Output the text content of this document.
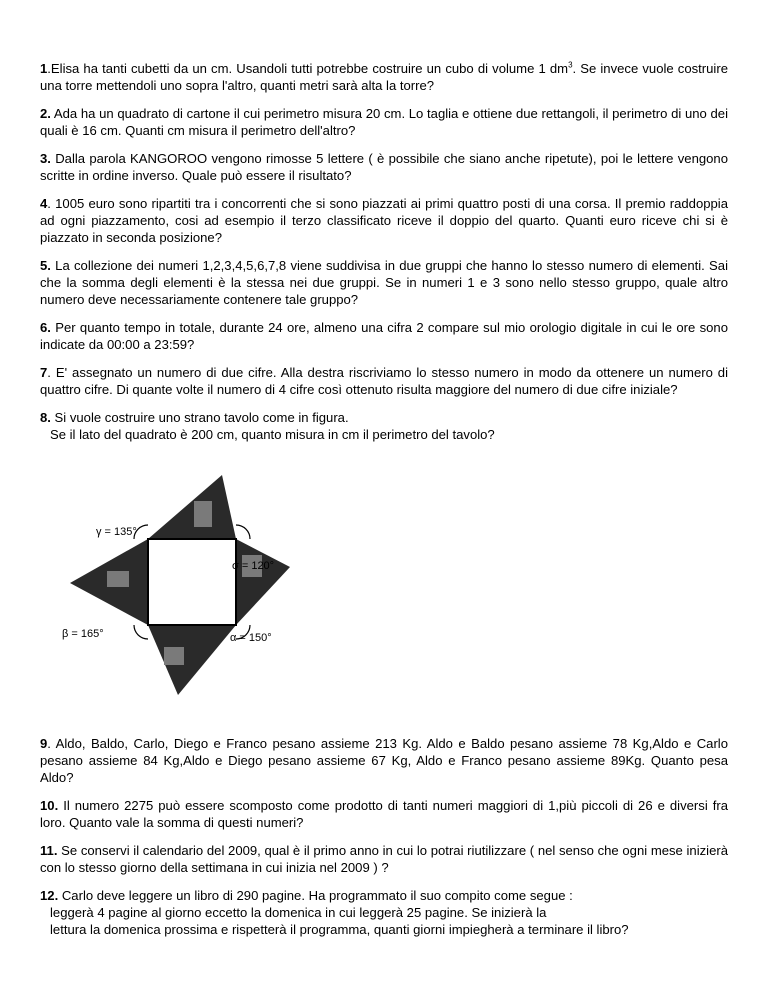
1.Elisa ha tanti cubetti da un cm. Usandoli tutti potrebbe costruire un cubo di volume 1 $dm^3$. Se invece vuole costruire una torre mettendoli uno sopra l'altro, quanti metri sarà alta la torre?

2. Ada ha un quadrato di cartone il cui perimetro misura 20 cm. Lo taglia e ottiene due rettangoli, il perimetro di uno dei quali è 16 cm. Quanti cm misura il perimetro dell'altro?

3. Dalla parola KANGOROO vengono rimosse 5 lettere ( è possibile che siano anche ripetute), poi le lettere vengono scritte in ordine inverso. Quale può essere il risultato?

4. 1005 euro sono ripartiti tra i concorrenti che si sono piazzati ai primi quattro posti di una corsa. Il premio raddoppia ad ogni piazzamento, cosi ad esempio il terzo classificato riceve il doppio del quarto. Quanti euro riceve chi si è piazzato in seconda posizione?

5. La collezione dei numeri 1,2,3,4,5,6,7,8 viene suddivisa in due gruppi che hanno lo stesso numero di elementi. Sai che la somma degli elementi è la stessa nei due gruppi. Se in numeri 1 e 3 sono nello stesso gruppo, quale altro numero deve necessariamente contenere tale gruppo?

6. Per quanto tempo in totale, durante 24 ore, almeno una cifra 2 compare sul mio orologio digitale in cui le ore sono indicate da 00:00 a 23:59?

7. E' assegnato un numero di due cifre. Alla destra riscriviamo lo stesso numero in modo da ottenere un numero di quattro cifre. Di quante volte il numero di 4 cifre così ottenuto risulta maggiore del numero di due cifre iniziale?

8. Si vuole costruire uno strano tavolo come in figura.
Se il lato del quadrato è 200 cm, quanto misura in cm il perimetro del tavolo?

γ = 135°
σ = 120°
β = 165°	α = 150°

9. Aldo, Baldo, Carlo, Diego e Franco pesano assieme 213 Kg. Aldo e Baldo pesano assieme 78 Kg,Aldo e Carlo pesano assieme 84 Kg,Aldo e Diego pesano assieme 67 Kg, Aldo e Franco pesano assieme 89Kg. Quanto pesa Aldo?

10. Il numero 2275 può essere scomposto come prodotto di tanti numeri maggiori di 1,più piccoli di 26 e diversi fra loro. Quanto vale la somma di questi numeri?

11. Se conservi il calendario del 2009, qual è il primo anno in cui lo potrai riutilizzare ( nel senso che ogni mese inizierà con lo stesso giorno della settimana in cui inizia nel 2009 ) ?

12. Carlo deve leggere un libro di 290 pagine. Ha programmato il suo compito come segue :
leggerà 4 pagine al giorno eccetto la domenica in cui leggerà 25 pagine. Se inizierà la
lettura la domenica prossima e rispetterà il programma, quanti giorni impiegherà a terminare il libro?
